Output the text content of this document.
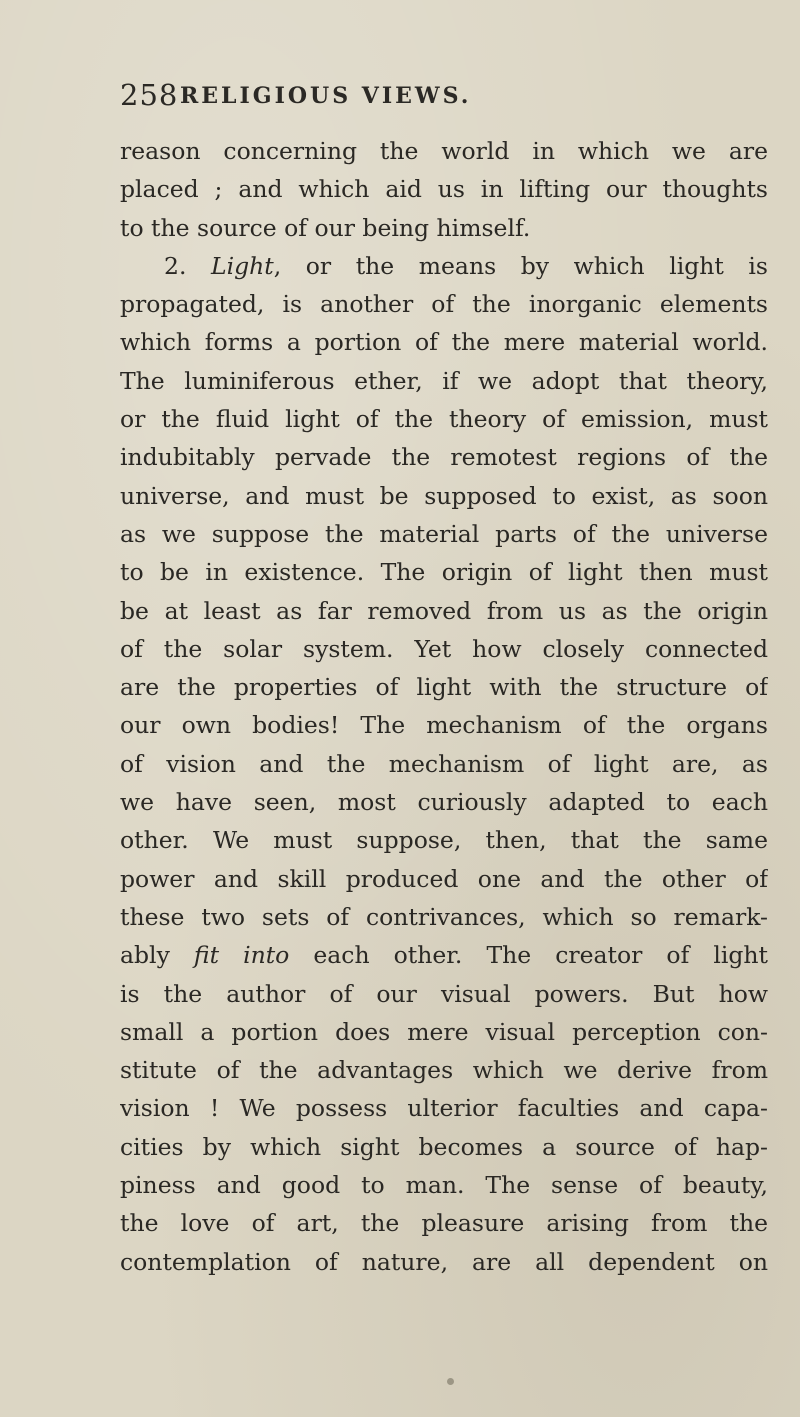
258 RELIGIOUS VIEWS.
reason concerning the world in which we are
placed ; and which aid us in lifting our thoughts
to the source of our being himself.
2. Light, or the means by which light is
propagated, is another of the inorganic elements
which forms a portion of the mere material world.
The luminiferous ether, if we adopt that theory,
or the fluid light of the theory of emission, must
indubitably pervade the remotest regions of the
universe, and must be supposed to exist, as soon
as we suppose the material parts of the universe
to be in existence. The origin of light then must
be at least as far removed from us as the origin
of the solar system. Yet how closely connected
are the properties of light with the structure of
our own bodies! The mechanism of the organs
of vision and the mechanism of light are, as
we have seen, most curiously adapted to each
other. We must suppose, then, that the same
power and skill produced one and the other of
these two sets of contrivances, which so remark-
ably fit into each other. The creator of light
is the author of our visual powers. But how
small a portion does mere visual perception con-
stitute of the advantages which we derive from
vision ! We possess ulterior faculties and capa-
cities by which sight becomes a source of hap-
piness and good to man. The sense of beauty,
the love of art, the pleasure arising from the
contemplation of nature, are all dependent on
